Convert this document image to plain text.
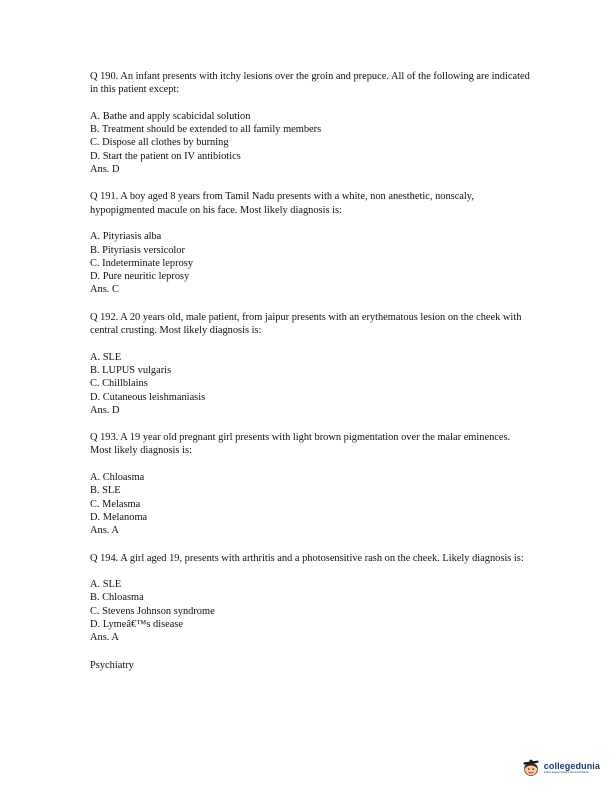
Q 190. An infant presents with itchy lesions over the groin and prepuce. All of the following are indicated in this patient except:

A. Bathe and apply scabicidal solution

B. Treatment should be extended to all family members

C. Dispose all clothes by burning

D. Start the patient on IV antibiotics

Ans. D

Q 191. A boy aged 8 years from Tamil Nadu presents with a white, non anesthetic, nonscaly, hypopigmented macule on his face. Most likely diagnosis is:

A. Pityriasis alba

B. Pityriasis versicolor

C. Indeterminate leprosy

D. Pure neuritic leprosy

Ans. C

Q 192. A 20 years old, male patient, from jaipur presents with an erythematous lesion on the cheek with central crusting. Most likely diagnosis is:

A. SLE

B. LUPUS vulgaris

C. Chillblains

D. Cutaneous leishmaniasis

Ans. D

Q 193. A 19 year old pregnant girl presents with light brown pigmentation over the malar eminences. Most likely diagnosis is:

A. Chloasma

B. SLE

C. Melasma

D. Melanoma

Ans. A

Q 194. A girl aged 19, presents with arthritis and a photosensitive rash on the cheek. Likely diagnosis is:

A. SLE

B. Chloasma

C. Stevens Johnson syndrome

D. Lymeâ€™s disease

Ans. A

Psychiatry

collegedunia
India's largest Student Review Platform
